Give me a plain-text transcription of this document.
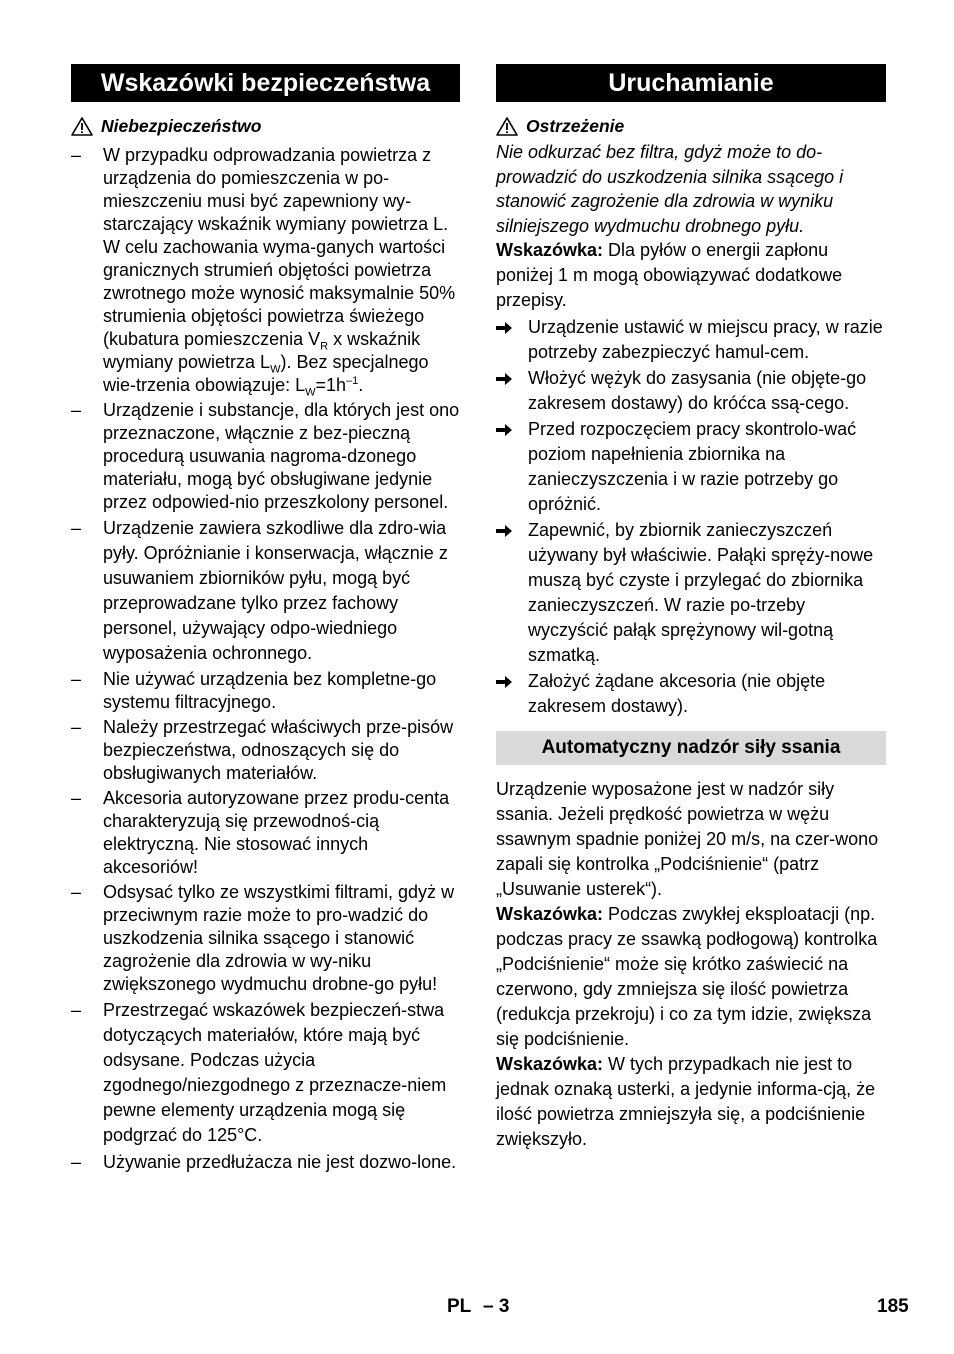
Wskazówki bezpieczeństwa
Niebezpieczeństwo
–	W przypadku odprowadzania powietrza z urządzenia do pomieszczenia w po-mieszczeniu musi być zapewniony wy-starczający wskaźnik wymiany powietrza L. W celu zachowania wyma-ganych wartości granicznych strumień objętości powietrza zwrotnego może wynosić maksymalnie 50% strumienia objętości powietrza świeżego (kubatura pomieszczenia $V_R$ x wskaźnik wymiany powietrza $L_W$). Bez specjalnego wie-trzenia obowiązuje: $L_W=1h^{-1}$.
–	Urządzenie i substancje, dla których jest ono przeznaczone, włącznie z bez-pieczną procedurą usuwania nagroma-dzonego materiału, mogą być obsługiwane jedynie przez odpowied-nio przeszkolony personel.
–	Urządzenie zawiera szkodliwe dla zdro-wia pyły. Opróżnianie i konserwacja, włącznie z usuwaniem zbiorników pyłu, mogą być przeprowadzane tylko przez fachowy personel, używający odpo-wiedniego wyposażenia ochronnego.
–	Nie używać urządzenia bez kompletne-go systemu filtracyjnego.
–	Należy przestrzegać właściwych prze-pisów bezpieczeństwa, odnoszących się do obsługiwanych materiałów.
–	Akcesoria autoryzowane przez produ-centa charakteryzują się przewodnoś-cią elektryczną. Nie stosować innych akcesoriów!
–	Odsysać tylko ze wszystkimi filtrami, gdyż w przeciwnym razie może to pro-wadzić do uszkodzenia silnika ssącego i stanowić zagrożenie dla zdrowia w wy-niku zwiększonego wydmuchu drobne-go pyłu!
–	Przestrzegać wskazówek bezpieczeń-stwa dotyczących materiałów, które mają być odsysane. Podczas użycia zgodnego/niezgodnego z przeznacze-niem pewne elementy urządzenia mogą się podgrzać do 125°C.
–	Używanie przedłużacza nie jest dozwo-lone.
Uruchamianie
Ostrzeżenie
Nie odkurzać bez filtra, gdyż może to do-prowadzić do uszkodzenia silnika ssącego i stanowić zagrożenie dla zdrowia w wyniku silniejszego wydmuchu drobnego pyłu.

Wskazówka: Dla pyłów o energii zapłonu poniżej 1 m mogą obowiązywać dodatkowe przepisy.

Urządzenie ustawić w miejscu pracy, w razie potrzeby zabezpieczyć hamul-cem.
Włożyć wężyk do zasysania (nie objęte-go zakresem dostawy) do króćca ssą-cego.
Przed rozpoczęciem pracy skontrolo-wać poziom napełnienia zbiornika na zanieczyszczenia i w razie potrzeby go opróżnić.
Zapewnić, by zbiornik zanieczyszczeń używany był właściwie. Pałąki spręży-nowe muszą być czyste i przylegać do zbiornika zanieczyszczeń. W razie po-trzeby wyczyścić pałąk sprężynowy wil-gotną szmatką.
Założyć żądane akcesoria (nie objęte zakresem dostawy).
Automatyczny nadzór siły ssania

Urządzenie wyposażone jest w nadzór siły ssania. Jeżeli prędkość powietrza w wężu ssawnym spadnie poniżej 20 m/s, na czer-wono zapali się kontrolka „Podciśnienie“ (patrz „Usuwanie usterek“).

Wskazówka: Podczas zwykłej eksploatacji (np. podczas pracy ze ssawką podłogową) kontrolka „Podciśnienie“ może się krótko zaświecić na czerwono, gdy zmniejsza się ilość powietrza (redukcja przekroju) i co za tym idzie, zwiększa się podciśnienie.

Wskazówka: W tych przypadkach nie jest to jednak oznaką usterki, a jedynie informa-cją, że ilość powietrza zmniejszyła się, a podciśnienie zwiększyło.

PL – 3	185
